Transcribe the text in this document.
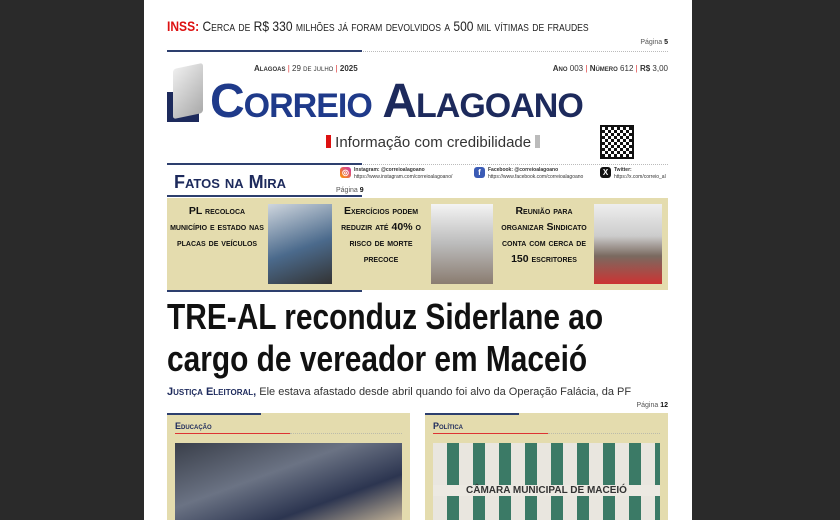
INSS: Cerca de R$ 330 milhões já foram devolvidos a 500 mil vítimas de fraudes
Página 5
Alagoas | 29 de julho | 2025	Ano 003 | Número 612 | R$ 3,00
Correio Alagoano
Informação com credibilidade
◎	Instagram: @correioalagoano
https://www.instagram.com/correioalagoano/	f	Facebook: @correioalagoano
https://www.facebook.com/correioalagoano	X	Twitter:
https://x.com/correio_al
Fatos na Mira	Página 9
PL recoloca município e estado nas placas de veículos
Exercícios podem reduzir até 40% o risco de morte precoce
Reunião para organizar Sindicato conta com cerca de 150 escritores
TRE-AL reconduz Siderlane ao cargo de vereador em Maceió
Justiça Eleitoral, Ele estava afastado desde abril quando foi alvo da Operação Falácia, da PF
Página 12
Educação	Política
CÂMARA MUNICIPAL DE MACEIÓ
